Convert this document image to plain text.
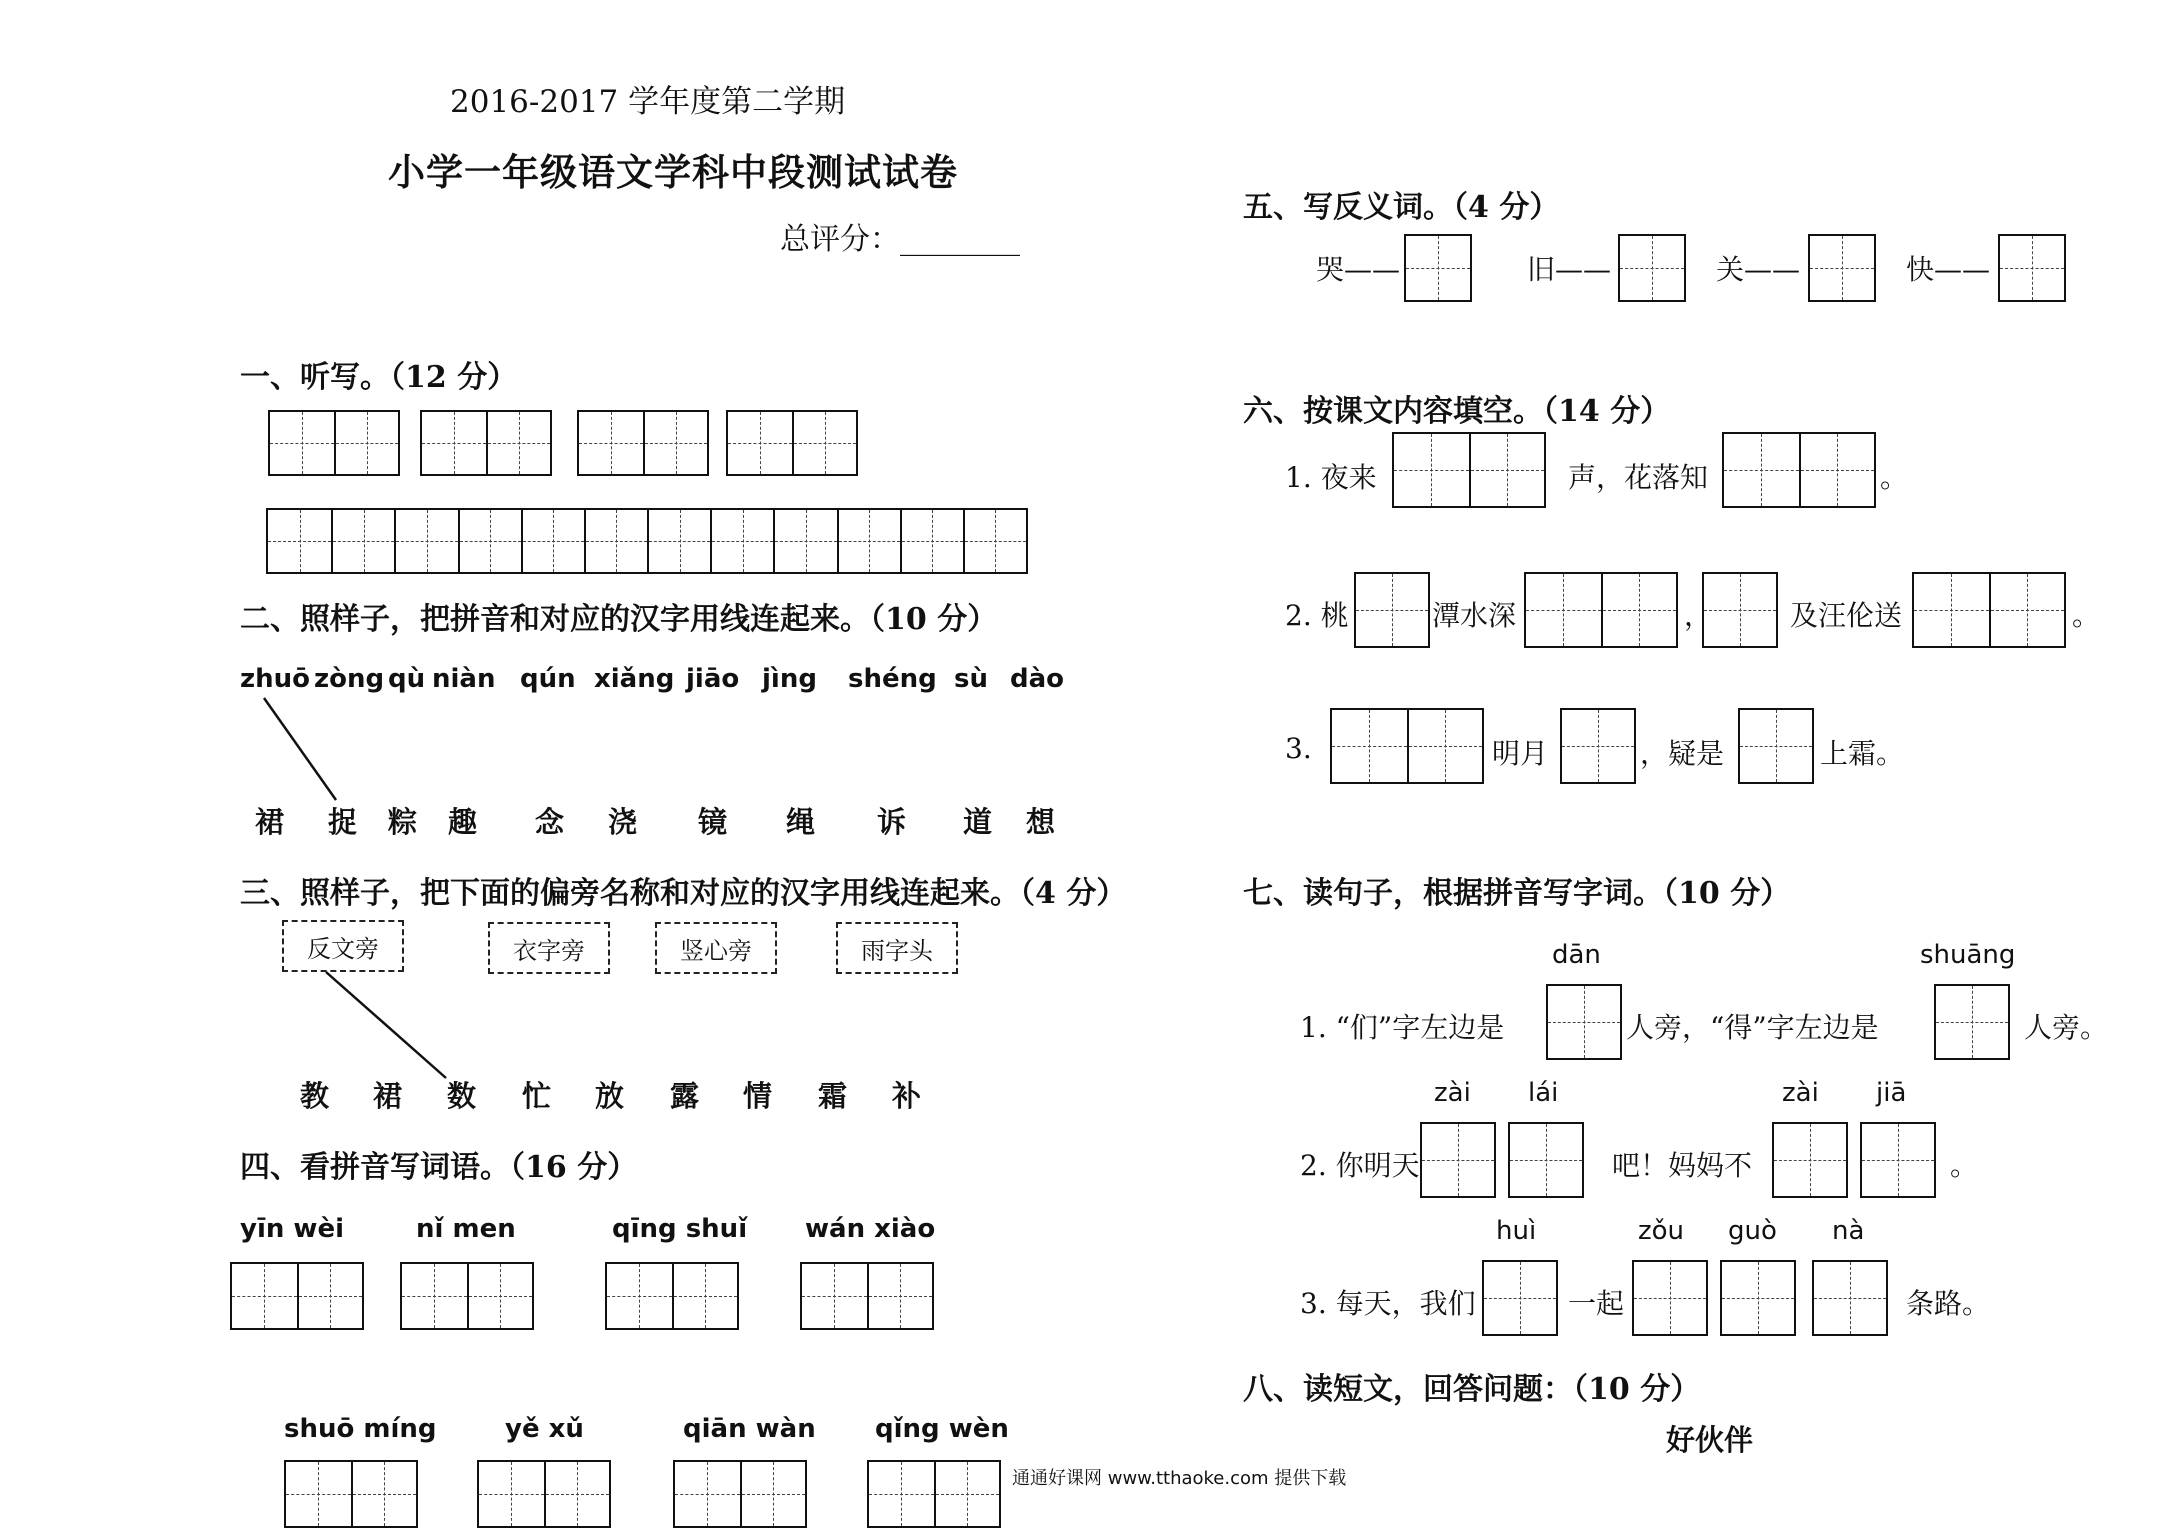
2016-2017 学年度第二学期
小学一年级语文学科中段测试试卷
总评分：________
一、听写。（12 分）
二、照样子，把拼音和对应的汉字用线连起来。（10 分）
zhuō zòng qù niàn qún xiǎng jiāo jìng shéng sù dào
裙 捉 粽 趣 念 浇 镜 绳 诉 道 想
三、照样子，把下面的偏旁名称和对应的汉字用线连起来。（4 分）
反文旁	衣字旁	竖心旁	雨字头
教 裙 数 忙 放 露 情 霜 补
四、看拼音写词语。（16 分）
yīn wèi	nǐ men	qīng shuǐ wán xiào
shuō míng	yě xǔ	qiān wàn qǐng wèn
五、写反义词。（4 分）
哭——	旧——	关——	快——
六、按课文内容填空。（14 分）
1. 夜来	声，花落知	。
2. 桃	潭水深	，	及汪伦送	。
3.	明月	，疑是	上霜。
七、读句子，根据拼音写字词。（10 分）
dān	shuāng
1. “们”字左边是	人旁，“得”字左边是	人旁。
zài lái	zài jiā
2. 你明天	吧！妈妈不	。
huì	zǒu guò nà
3. 每天，我们	一起	条路。
八、读短文，回答问题：（10 分）
好伙伴
通通好课网 www.tthaoke.com 提供下载
